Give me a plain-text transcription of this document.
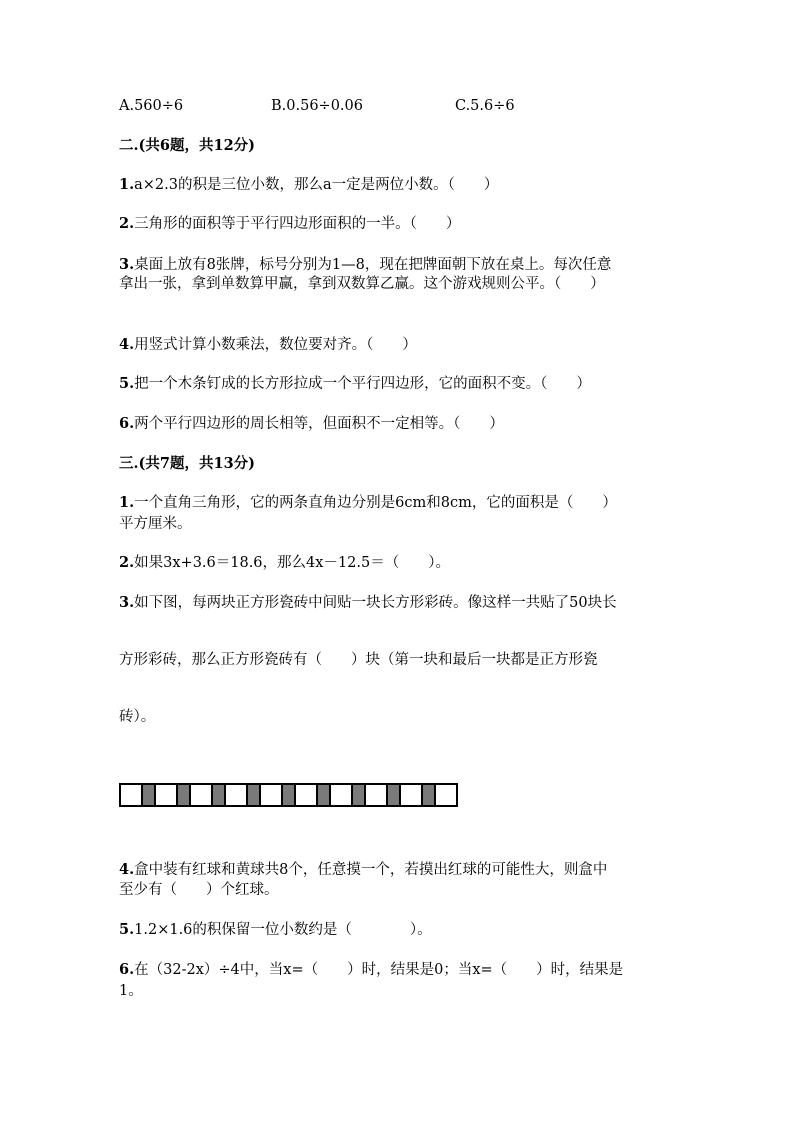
A.560÷6	B.0.56÷0.06	C.5.6÷6
二.(共6题，共12分)
1.a×2.3的积是三位小数，那么a一定是两位小数。（　　）
2.三角形的面积等于平行四边形面积的一半。（　　）
3.桌面上放有8张牌，标号分别为1—8，现在把牌面朝下放在桌上。每次任意
拿出一张，拿到单数算甲赢，拿到双数算乙赢。这个游戏规则公平。（　　）
4.用竖式计算小数乘法，数位要对齐。（　　）
5.把一个木条钉成的长方形拉成一个平行四边形，它的面积不变。（　　）
6.两个平行四边形的周长相等，但面积不一定相等。（　　）
三.(共7题，共13分)
1.一个直角三角形，它的两条直角边分别是6cm和8cm，它的面积是（　　）
平方厘米。
2.如果3x+3.6＝18.6，那么4x－12.5＝（　　）。
3.如下图，每两块正方形瓷砖中间贴一块长方形彩砖。像这样一共贴了50块长
方形彩砖，那么正方形瓷砖有（　　）块（第一块和最后一块都是正方形瓷
砖）。
4.盒中装有红球和黄球共8个，任意摸一个，若摸出红球的可能性大，则盒中
至少有（　　）个红球。
5.1.2×1.6的积保留一位小数约是（　　　　）。
6.在（32-2x）÷4中，当x=（　　）时，结果是0；当x=（　　）时，结果是
1。
